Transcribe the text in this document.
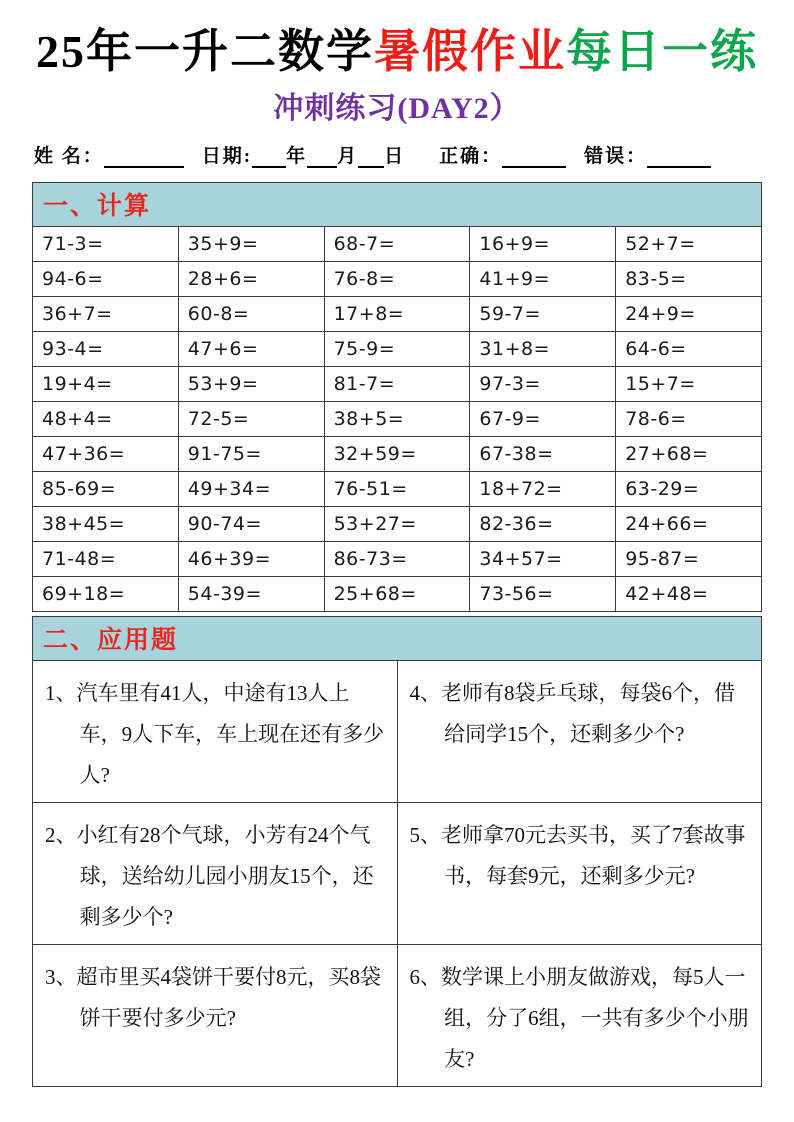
25年一升二数学暑假作业每日一练
冲刺练习(DAY2）
姓 名：	日期: 年 月 日 正确：	错误：
一、计算
71-3=	35+9=	68-7=	16+9=	52+7=
94-6=	28+6=	76-8=	41+9=	83-5=
36+7=	60-8=	17+8=	59-7=	24+9=
93-4=	47+6=	75-9=	31+8=	64-6=
19+4=	53+9=	81-7=	97-3=	15+7=
48+4=	72-5=	38+5=	67-9=	78-6=
47+36=	91-75=	32+59=	67-38=	27+68=
85-69=	49+34=	76-51=	18+72=	63-29=
38+45=	90-74=	53+27=	82-36=	24+66=
71-48=	46+39=	86-73=	34+57=	95-87=
69+18=	54-39=	25+68=	73-56=	42+48=
二、应用题
1、汽车里有41人，中途有13人上车，9人下车，车上现在还有多少人?	4、老师有8袋乒乓球，每袋6个，借给同学15个，还剩多少个?

2、小红有28个气球，小芳有24个气球，送给幼儿园小朋友15个，还剩多少个?	5、老师拿70元去买书，买了7套故事书，每套9元，还剩多少元?

3、超市里买4袋饼干要付8元，买8袋饼干要付多少元?	6、数学课上小朋友做游戏，每5人一组，分了6组，一共有多少个小朋友?
